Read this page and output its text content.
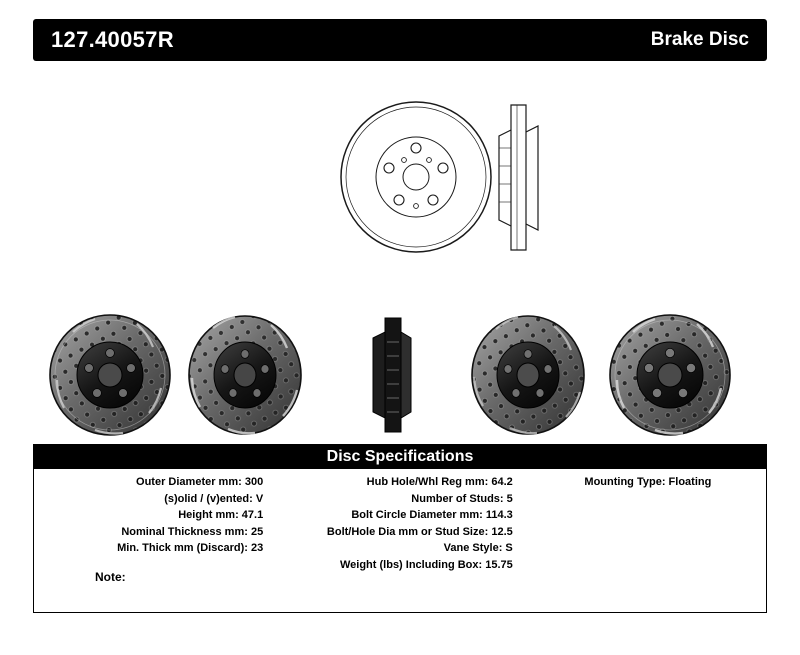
127.40057R	Brake Disc
Disc Specifications
Outer Diameter mm: 300
(s)olid / (v)ented: V
Height mm: 47.1
Nominal Thickness mm: 25
Min. Thick mm (Discard): 23
Hub Hole/Whl Reg mm: 64.2
Number of Studs: 5
Bolt Circle Diameter mm: 114.3
Bolt/Hole Dia mm or Stud Size: 12.5
Vane Style: S
Weight (lbs) Including Box: 15.75
Mounting Type: Floating
Note:
